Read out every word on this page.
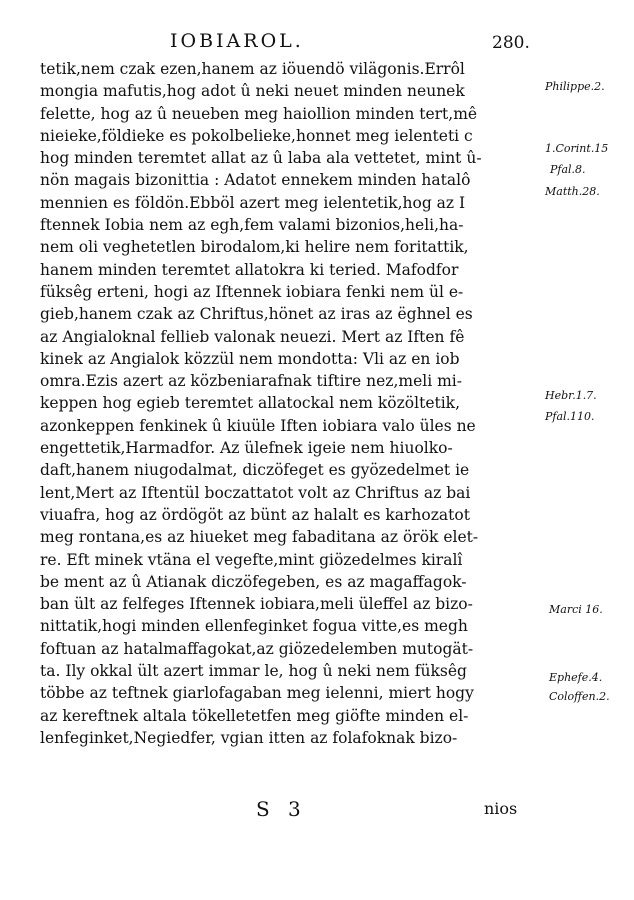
IOBIAROL.	280.
tetik,nem czak ezen,hanem az iöuendö vilägonis.Errôl
mongia mafutis,hog adot û neki neuet minden neunek
felette, hog az û neueben meg haiollion minden tert,mê
nieieke,földieke es pokolbelieke,honnet meg ielenteti c
hog minden teremtet allat az û laba ala vettetet, mint û-
nön magais bizonittia : Adatot ennekem minden hatalô
mennien es földön.Ebböl azert meg ielentetik,hog az I
ftennek Iobia nem az egh,fem valami bizonios,heli,ha-
nem oli veghetetlen birodalom,ki helire nem foritattik,
hanem minden teremtet allatokra ki teried. Mafodfor
füksêg erteni, hogi az Iftennek iobiara fenki nem ül e-
gieb,hanem czak az Chriftus,hönet az iras az ëghnel es
az Angialoknal fellieb valonak neuezi. Mert az Iften fê
kinek az Angialok közzül nem mondotta: Vli az en iob
omra.Ezis azert az közbeniarafnak tiftire nez,meli mi-
keppen hog egieb teremtet allatockal nem közöltetik,
azonkeppen fenkinek û kiuüle Iften iobiara valo üles ne
engettetik,Harmadfor. Az ülefnek igeie nem hiuolko-
daft,hanem niugodalmat, diczöfeget es gyözedelmet ie
lent,Mert az Iftentül boczattatot volt az Chriftus az bai
viuafra, hog az ördögöt az bünt az halalt es karhozatot
meg rontana,es az hiueket meg fabaditana az örök elet-
re. Eft minek vtäna el vegefte,mint giözedelmes kiralî
be ment az û Atianak diczöfegeben, es az magaffagok-
ban ült az felfeges Iftennek iobiara,meli üleffel az bizo-
nittatik,hogi minden ellenfeginket fogua vitte,es megh
foftuan az hatalmaffagokat,az giözedelemben mutogät-
ta. Ily okkal ült azert immar le, hog û neki nem füksêg
többe az teftnek giarlofagaban meg ielenni, miert hogy
az kereftnek altala tökelletetfen meg giöfte minden el-
lenfeginket,Negiedfer, vgian itten az folafoknak bizo-
Philippe.2.
1.Corint.15
Pfal.8.
Matth.28.
Hebr.1.7.
Pfal.110.
Marci 16.
Ephefe.4.
Coloffen.2.
S 3	nios
